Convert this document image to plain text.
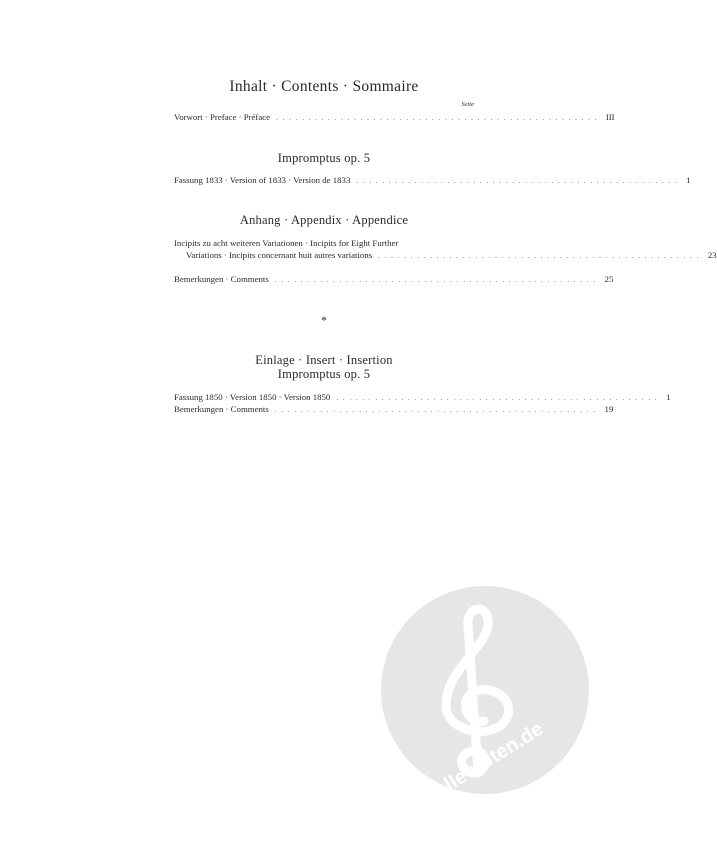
Inhalt · Contents · Sommaire
Seite
Vorwort · Preface · Préface . . . . . . . . . . . . . . . . . . . . . . . . . . . . . . . . . . . . . . . . . . . . . . . . . . III
Impromptus op. 5
Fassung 1833 · Version of 1833 · Version de 1833 . . . . . . . . . . . . . . . . . . . . . . . . . . . . . . . . . . . . . . . . . . . . . . . . . . 1
Anhang · Appendix · Appendice
Incipits zu acht weiteren Variationen · Incipits for Eight Further
Variations · Incipits concernant huit autres variations . . . . . . . . . . . . . . . . . . . . . . . . . . . . . . . . . . . . . . . . . . . . . . . . . . 23
Bemerkungen · Comments . . . . . . . . . . . . . . . . . . . . . . . . . . . . . . . . . . . . . . . . . . . . . . . . . . 25
*
Einlage · Insert · Insertion
Impromptus op. 5
Fassung 1850 · Version 1850 · Version 1850 . . . . . . . . . . . . . . . . . . . . . . . . . . . . . . . . . . . . . . . . . . . . . . . . . . 1
Bemerkungen · Comments . . . . . . . . . . . . . . . . . . . . . . . . . . . . . . . . . . . . . . . . . . . . . . . . . . 19
alle-noten.de
